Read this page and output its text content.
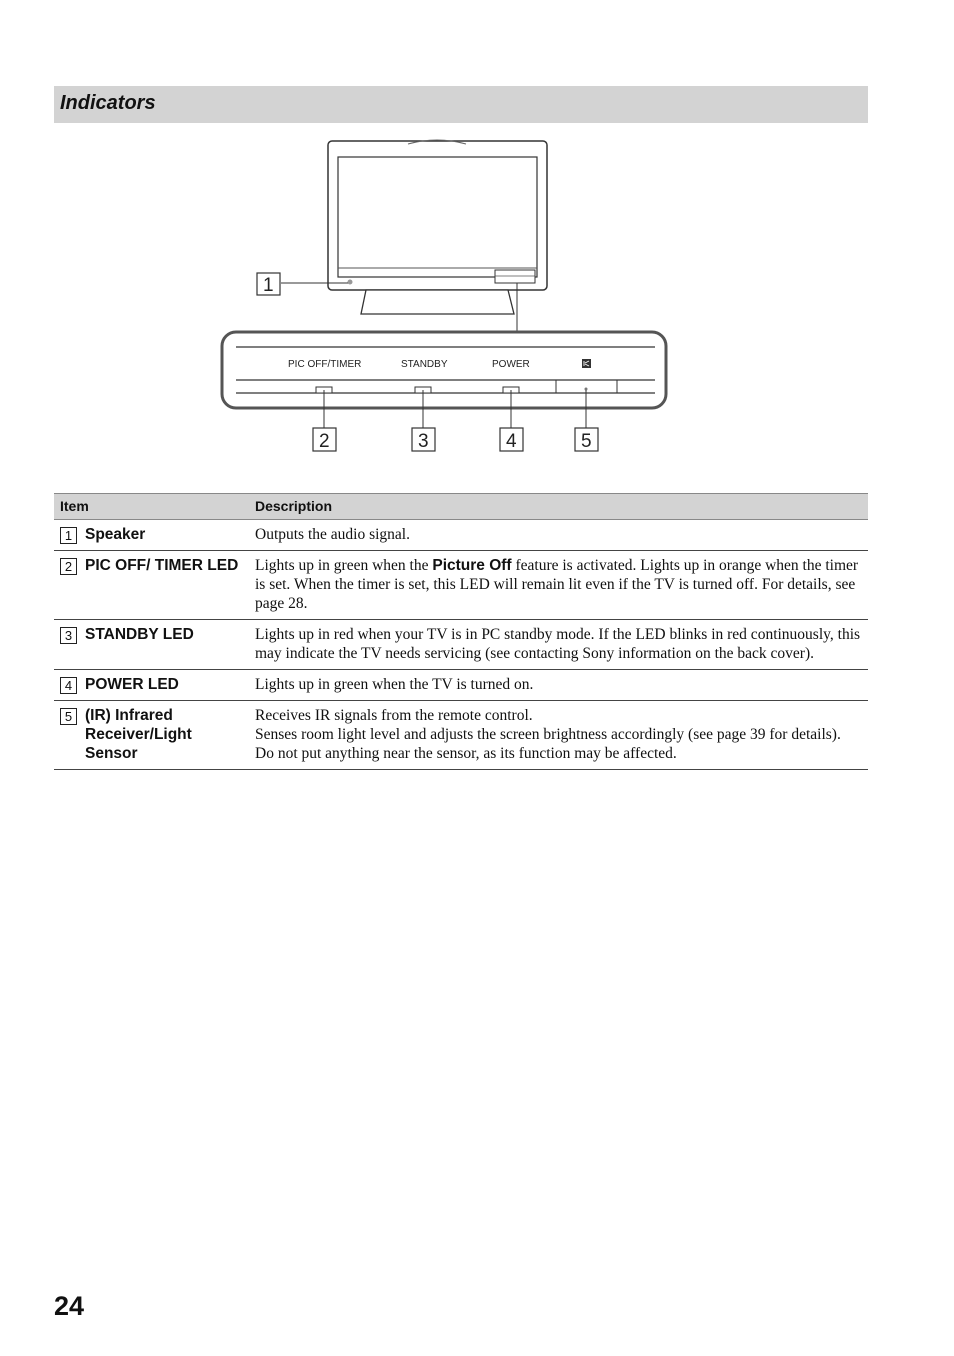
Indicators
PIC OFF/TIMER	STANDBY	POWER
1
2	3	4	5
Item	Description

1 Speaker	Outputs the audio signal.

2 PIC OFF/ TIMER LED	Lights up in green when the Picture Off feature is activated. Lights up in orange when the timer is set. When the timer is set, this LED will remain lit even if the TV is turned off. For details, see page 28.

3 STANDBY LED	Lights up in red when your TV is in PC standby mode. If the LED blinks in red continuously, this may indicate the TV needs servicing (see contacting Sony information on the back cover).

4 POWER LED	Lights up in green when the TV is turned on.

5 (IR) Infrared Receiver/Light Sensor	Receives IR signals from the remote control.
Senses room light level and adjusts the screen brightness accordingly (see page 39 for details). Do not put anything near the sensor, as its function may be affected.
24
